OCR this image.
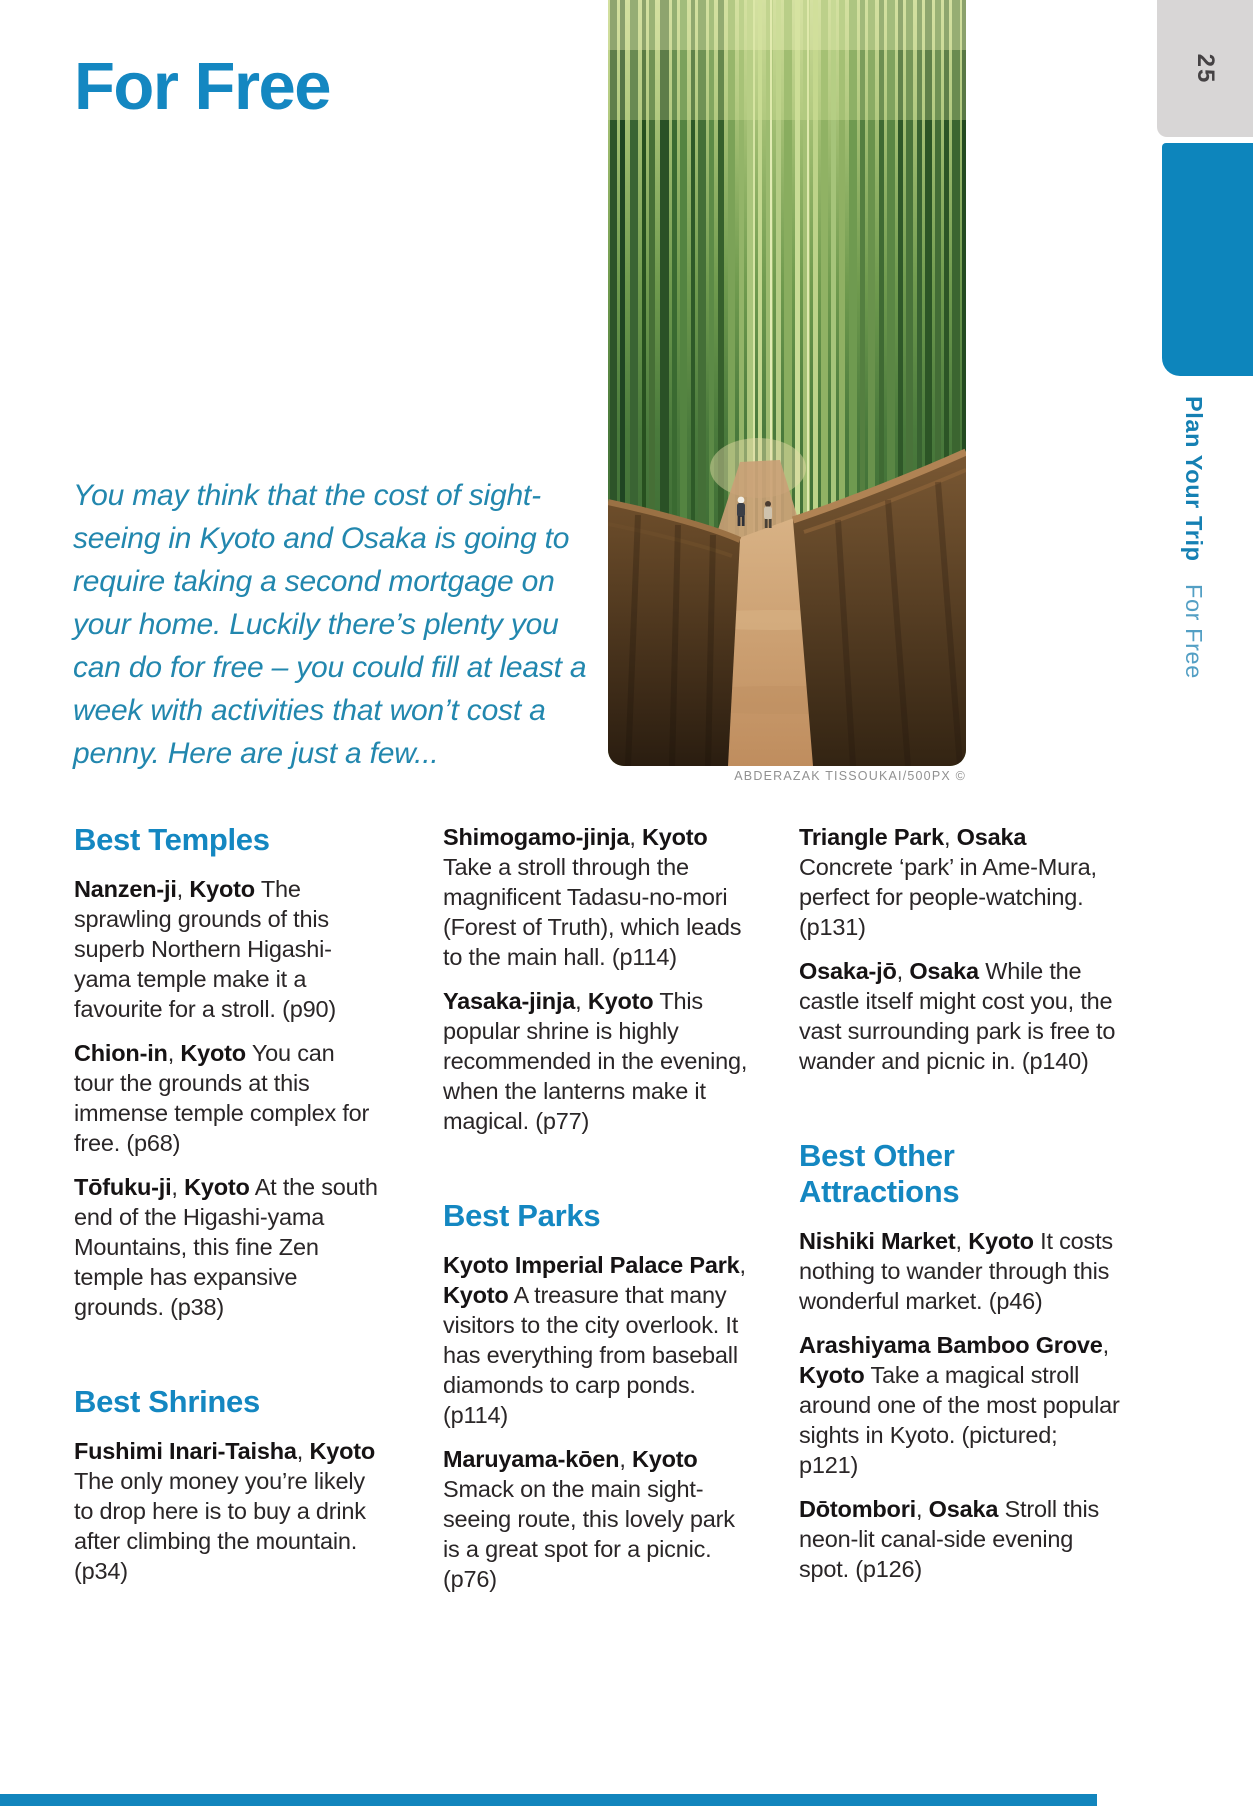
For Free

You may think that the cost of sight-seeing in Kyoto and Osaka is going to require taking a second mortgage on your home. Luckily there’s plenty you can do for free – you could fill at least a week with activities that won’t cost a penny. Here are just a few...

ABDERAZAK TISSOUKAI/500PX ©
25
Plan Your Trip For Free
Best Temples

Nanzen-ji, Kyoto The sprawling grounds of this superb Northern Higashi-yama temple make it a favourite for a stroll. (p90)

Chion-in, Kyoto You can tour the grounds at this immense temple complex for free. (p68)

Tōfuku-ji, Kyoto At the south end of the Higashi-yama Mountains, this fine Zen temple has expansive grounds. (p38)

Best Shrines

Fushimi Inari-Taisha, Kyoto The only money you’re likely to drop here is to buy a drink after climbing the mountain. (p34)

Shimogamo-jinja, Kyoto Take a stroll through the magnificent Tadasu-no-mori (Forest of Truth), which leads to the main hall. (p114)

Yasaka-jinja, Kyoto This popular shrine is highly recommended in the evening, when the lanterns make it magical. (p77)

Best Parks

Kyoto Imperial Palace Park, Kyoto A treasure that many visitors to the city overlook. It has everything from baseball diamonds to carp ponds. (p114)

Maruyama-kōen, Kyoto Smack on the main sight-seeing route, this lovely park is a great spot for a picnic. (p76)

Triangle Park, Osaka Concrete ‘park’ in Ame-Mura, perfect for people-watching. (p131)

Osaka-jō, Osaka While the castle itself might cost you, the vast surrounding park is free to wander and picnic in. (p140)

Best Other Attractions

Nishiki Market, Kyoto It costs nothing to wander through this wonderful market. (p46)

Arashiyama Bamboo Grove, Kyoto Take a magical stroll around one of the most popular sights in Kyoto. (pictured; p121)

Dōtombori, Osaka Stroll this neon-lit canal-side evening spot. (p126)
